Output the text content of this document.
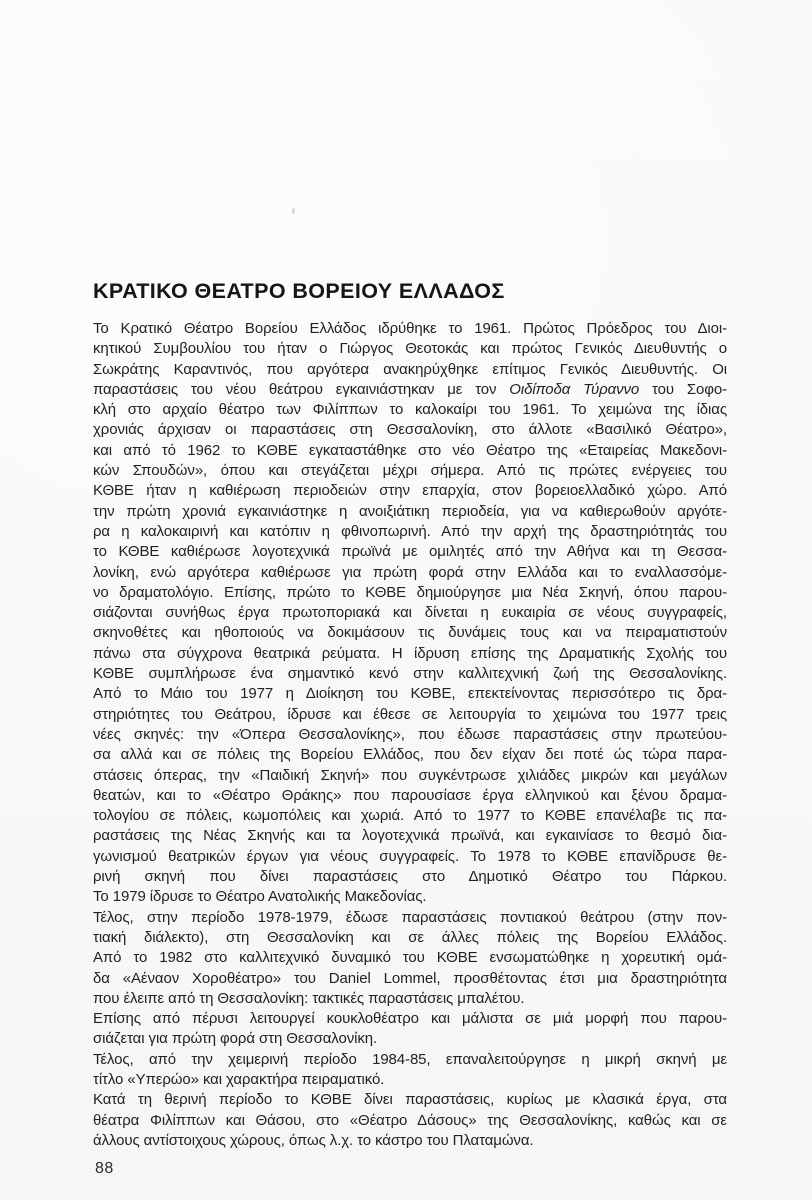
ΚΡΑΤΙΚΟ ΘΕΑΤΡΟ ΒΟΡΕΙΟΥ ΕΛΛΑΔΟΣ
Το Κρατικό Θέατρο Βορείου Ελλάδος ιδρύθηκε το 1961. Πρώτος Πρόεδρος του Διοι-
κητικού Συμβουλίου του ήταν ο Γιώργος Θεοτοκάς και πρώτος Γενικός Διευθυντής ο
Σωκράτης Καραντινός, που αργότερα ανακηρύχθηκε επίτιμος Γενικός Διευθυντής. Οι
παραστάσεις του νέου θεάτρου εγκαινιάστηκαν με τον Οιδίποδα Τύραννο του Σοφο-
κλή στο αρχαίο θέατρο των Φιλίππων το καλοκαίρι του 1961. Το χειμώνα της ίδιας
χρονιάς άρχισαν οι παραστάσεις στη Θεσσαλονίκη, στο άλλοτε «Βασιλικό Θέατρο»,
και από τό 1962 το ΚΘΒΕ εγκαταστάθηκε στο νέο Θέατρο της «Εταιρείας Μακεδονι-
κών Σπουδών», όπου και στεγάζεται μέχρι σήμερα. Από τις πρώτες ενέργειες του
ΚΘΒΕ ήταν η καθιέρωση περιοδειών στην επαρχία, στον βορειοελλαδικό χώρο. Από
την πρώτη χρονιά εγκαινιάστηκε η ανοιξιάτικη περιοδεία, για να καθιερωθούν αργότε-
ρα η καλοκαιρινή και κατόπιν η φθινοπωρινή. Από την αρχή της δραστηριότητάς του
το ΚΘΒΕ καθιέρωσε λογοτεχνικά πρωϊνά με ομιλητές από την Αθήνα και τη Θεσσα-
λονίκη, ενώ αργότερα καθιέρωσε για πρώτη φορά στην Ελλάδα και το εναλλασσόμε-
νο δραματολόγιο. Επίσης, πρώτο το ΚΘΒΕ δημιούργησε μια Νέα Σκηνή, όπου παρου-
σιάζονται συνήθως έργα πρωτοποριακά και δίνεται η ευκαιρία σε νέους συγγραφείς,
σκηνοθέτες και ηθοποιούς να δοκιμάσουν τις δυνάμεις τους και να πειραματιστούν
πάνω στα σύγχρονα θεατρικά ρεύματα. Η ίδρυση επίσης της Δραματικής Σχολής του
ΚΘΒΕ συμπλήρωσε ένα σημαντικό κενό στην καλλιτεχνική ζωή της Θεσσαλονίκης.
Από το Μάιο του 1977 η Διοίκηση του ΚΘΒΕ, επεκτείνοντας περισσότερο τις δρα-
στηριότητες του Θεάτρου, ίδρυσε και έθεσε σε λειτουργία το χειμώνα του 1977 τρεις
νέες σκηνές: την «Όπερα Θεσσαλονίκης», που έδωσε παραστάσεις στην πρωτεύου-
σα αλλά και σε πόλεις της Βορείου Ελλάδος, που δεν είχαν δει ποτέ ώς τώρα παρα-
στάσεις όπερας, την «Παιδική Σκηνή» που συγκέντρωσε χιλιάδες μικρών και μεγάλων
θεατών, και το «Θέατρο Θράκης» που παρουσίασε έργα ελληνικού και ξένου δραμα-
τολογίου σε πόλεις, κωμοπόλεις και χωριά. Από το 1977 το ΚΘΒΕ επανέλαβε τις πα-
ραστάσεις της Νέας Σκηνής και τα λογοτεχνικά πρωϊνά, και εγκαινίασε το θεσμό δια-
γωνισμού θεατρικών έργων για νέους συγγραφείς. Το 1978 το ΚΘΒΕ επανίδρυσε θε-
ρινή σκηνή που δίνει παραστάσεις στο Δημοτικό Θέατρο του Πάρκου.
Το 1979 ίδρυσε το Θέατρο Ανατολικής Μακεδονίας.
Τέλος, στην περίοδο 1978-1979, έδωσε παραστάσεις ποντιακού θεάτρου (στην πον-
τιακή διάλεκτο), στη Θεσσαλονίκη και σε άλλες πόλεις της Βορείου Ελλάδος.
Από το 1982 στο καλλιτεχνικό δυναμικό του ΚΘΒΕ ενσωματώθηκε η χορευτική ομά-
δα «Αέναον Χοροθέατρο» του Daniel Lommel, προσθέτοντας έτσι μια δραστηριότητα
που έλειπε από τη Θεσσαλονίκη: τακτικές παραστάσεις μπαλέτου.
Επίσης από πέρυσι λειτουργεί κουκλοθέατρο και μάλιστα σε μιά μορφή που παρου-
σιάζεται για πρώτη φορά στη Θεσσαλονίκη.
Τέλος, από την χειμερινή περίοδο 1984-85, επαναλειτούργησε η μικρή σκηνή με
τίτλο «Υπερώο» και χαρακτήρα πειραματικό.
Κατά τη θερινή περίοδο το ΚΘΒΕ δίνει παραστάσεις, κυρίως με κλασικά έργα, στα
θέατρα Φιλίππων και Θάσου, στο «Θέατρο Δάσους» της Θεσσαλονίκης, καθώς και σε
άλλους αντίστοιχους χώρους, όπως λ.χ. το κάστρο του Πλαταμώνα.
88
